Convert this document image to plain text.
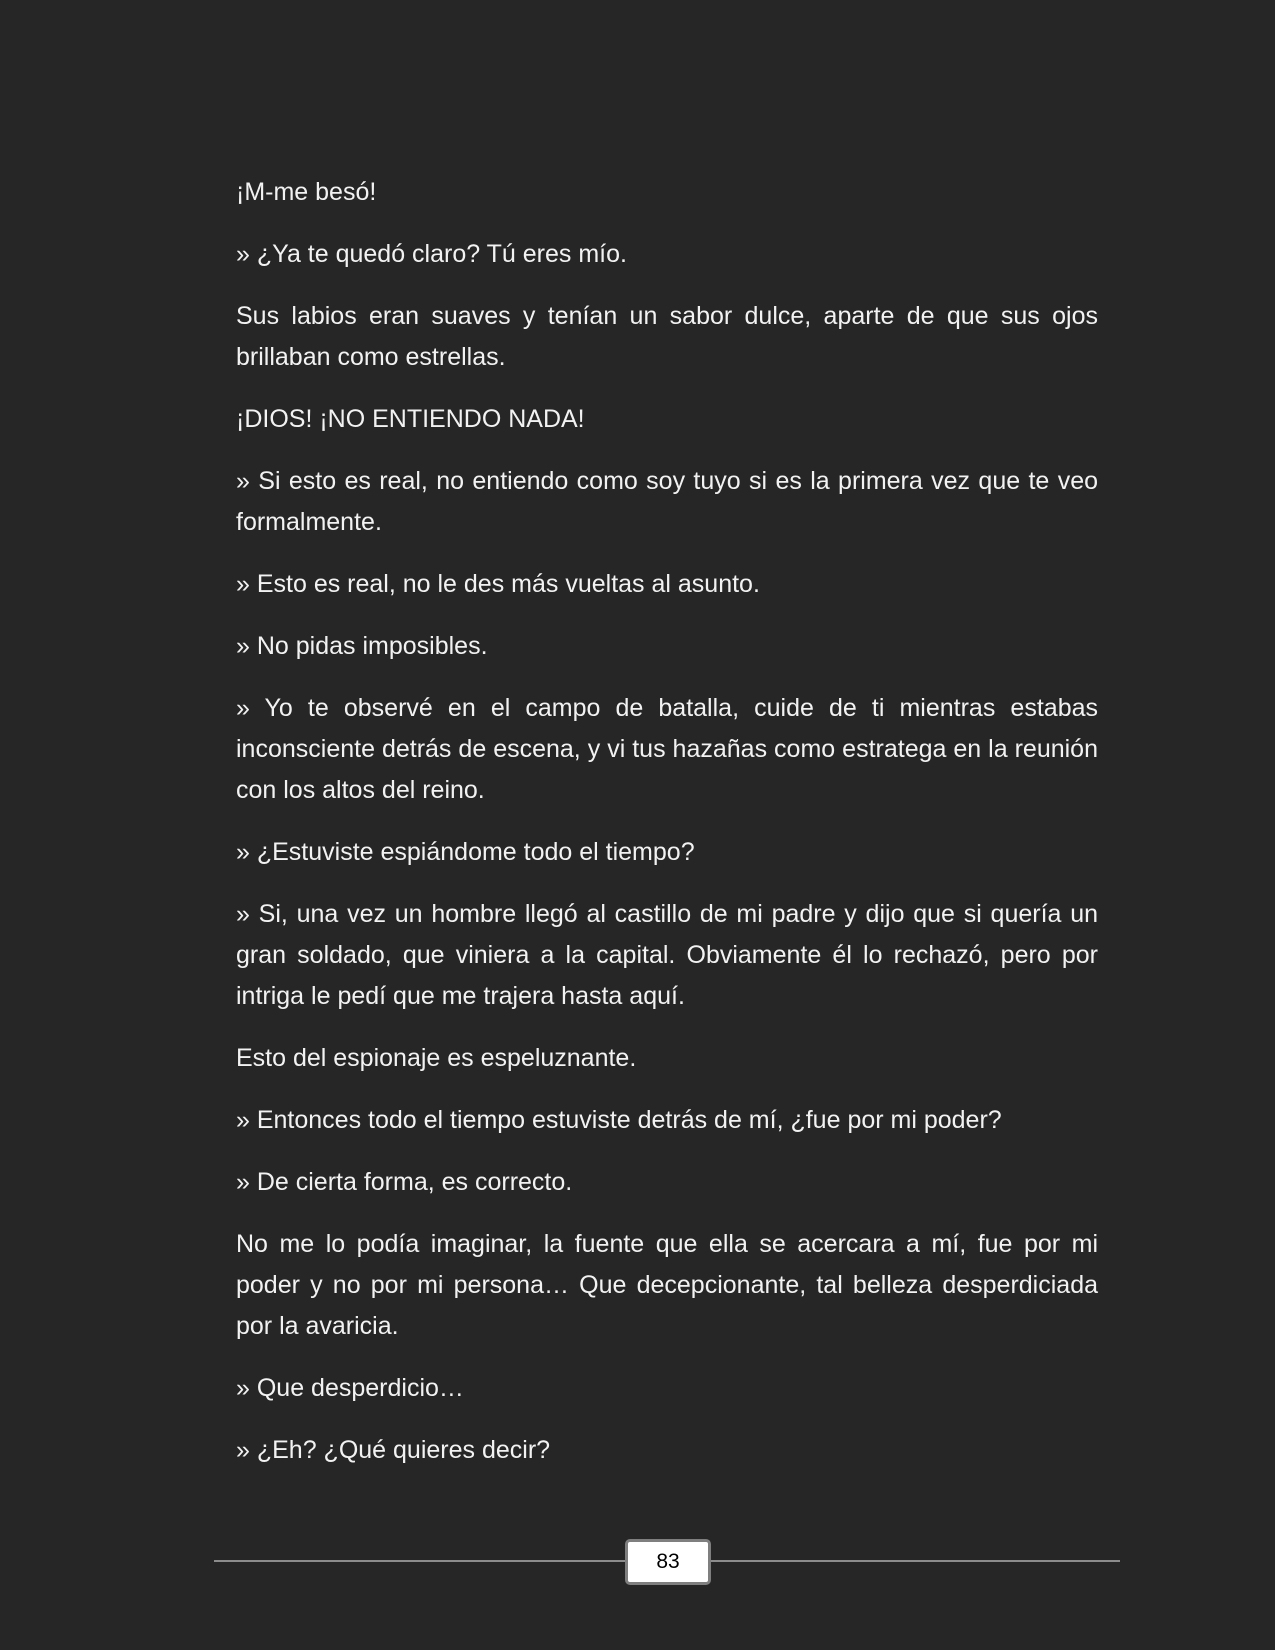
¡M-me besó!

» ¿Ya te quedó claro? Tú eres mío.

Sus labios eran suaves y tenían un sabor dulce, aparte de que sus ojos brillaban como estrellas.

¡DIOS! ¡NO ENTIENDO NADA!

» Si esto es real, no entiendo como soy tuyo si es la primera vez que te veo formalmente.

» Esto es real, no le des más vueltas al asunto.

» No pidas imposibles.

» Yo te observé en el campo de batalla, cuide de ti mientras estabas inconsciente detrás de escena, y vi tus hazañas como estratega en la reunión con los altos del reino.

» ¿Estuviste espiándome todo el tiempo?

» Si, una vez un hombre llegó al castillo de mi padre y dijo que si quería un gran soldado, que viniera a la capital. Obviamente él lo rechazó, pero por intriga le pedí que me trajera hasta aquí.

Esto del espionaje es espeluznante.

» Entonces todo el tiempo estuviste detrás de mí, ¿fue por mi poder?

» De cierta forma, es correcto.

No me lo podía imaginar, la fuente que ella se acercara a mí, fue por mi poder y no por mi persona… Que decepcionante, tal belleza desperdiciada por la avaricia.

» Que desperdicio…

» ¿Eh? ¿Qué quieres decir?

83
